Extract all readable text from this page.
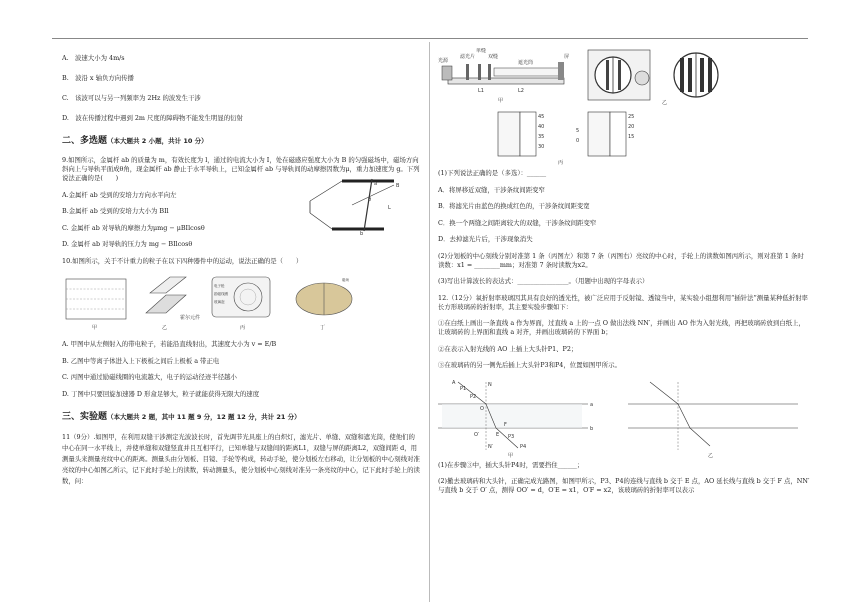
A.　波速大小为 4m/s

B.　波沿 x 轴负方向传播

C.　该波可以与另一列频率为 2Hz 的波发生干涉

D.　波在传播过程中遇到 2m 尺度的障碍物不能发生明显的衍射

二、多选题（本大题共 2 小题，共计 10 分）

9.如图所示，金属杆 ab 的质量为 m，有效长度为 l，通过的电流大小为 I，处在磁感应强度大小为 B 的匀强磁场中，磁场方向斜向上与导轨平面成θ角，现金属杆 ab 静止于水平导轨上，已知金属杆 ab 与导轨间的动摩擦因数为μ，重力加速度为 g。下列说法正确的是(　　)

A.金属杆 ab 受到的安培力方向水平向左

B.金属杆 ab 受到的安培力大小为 BIl

C. 金属杆 ab 对导轨的摩擦力为μmg − μBIlcosθ

D. 金属杆 ab 对导轨的压力为 mg − BIlcosθ

B
a
b
θ
L

10.如图所示，关于不计重力的粒子在以下四种器件中的运动，说法正确的是（　　）

甲	乙
霍尔元件
电子枪
励磁线圈
玻璃泡
丙	丁
磁场

A. 甲图中从左侧射入的带电粒子，若能沿直线射出，其速度大小为 v = E/B

B. 乙图中等离子体进入上下极板之间后上极板 a 带正电

C. 丙图中通过励磁线圈的电流越大，电子的运动径迹半径越小

D. 丁图中只要回旋加速器 D 形盒足够大，粒子就能获得无限大的速度

三、实验题（本大题共 2 题，其中 11 题 9 分，12 题 12 分，共计 21 分）

11（9分）.如图甲，在利用双缝干涉测定光波波长时，首先调节光具座上的白炽灯，滤光片、单缝、双缝和遮光筒，使他们的中心在同一水平线上，并使单缝和双缝竖直并且互相平行，已知单缝与双缝间的距离L1，双缝与屏的距离L2，双缝间距 d，用测量头来测量亮纹中心的距离。测量头由分划板、目镜、手轮等构成，转动手轮，使分划板左右移动，让分划板的中心刻线对准亮纹的中心如图乙所示，记下此时手轮上的读数，转动测量头，使分划板中心刻线对准另一条亮纹的中心，记下此时手轮上的读数，问：

光源
滤光片
单缝
双缝
遮光筒
屏
L1	L2
甲	乙
45
40
35
30
25
20
15
5
0
丙

(1)下列说法正确的是（多选）：______

A．将屏移近双缝，干涉条纹间距变窄

B．将滤光片由蓝色的换成红色的，干涉条纹间距变宽

C．换一个两缝之间距离较大的双缝，干涉条纹间距变窄

D．去掉滤光片后，干涉现象消失

(2)分划板的中心刻线分别对准第 1 条（丙图左）和第 7 条（丙图右）亮纹的中心时，手轮上的读数如图丙所示，则对准第 1 条时读数：x1 = ________mm；对准第 7 条时读数为x2。

(3)写出计算波长的表达式：________________。（用题中出现的字母表示）

12.（12分）氧折射率玻璃因其具有良好的透光性，被广泛应用于反射镜、透镜当中，某实验小组想利用“插针法”测量某种低折射率长方形玻璃砖的折射率，其主要实验步骤如下：

①在白纸上画出一条直线 a 作为界面，过直线 a 上的一点 O 做出法线 NN′，并画出 AO 作为入射光线，再把玻璃砖放到白纸上，让玻璃砖的上界面和直线 a 对齐，并画出玻璃砖的下界面 b；

②在表示入射光线的 AO 上插上大头针P1、P2；

③在玻璃砖的另一侧先后插上大头针P3和P4，位置如图甲所示。

A
P1
P2
N
O
a
b
E
F
N′
O′	P3
P4
甲	乙

(1)在步骤③中，插大头针P4时，需要挡住______；

(2)撤去玻璃砖和大头针，正确完成光路图，如图甲所示，P3、P4的连线与直线 b 交于 E 点，AO 延长线与直线 b 交于 F 点，NN′ 与直线 b 交于 O′ 点，测得 OO′ = d，O′E = x1，O′F = x2，该玻璃砖的折射率可以表示
